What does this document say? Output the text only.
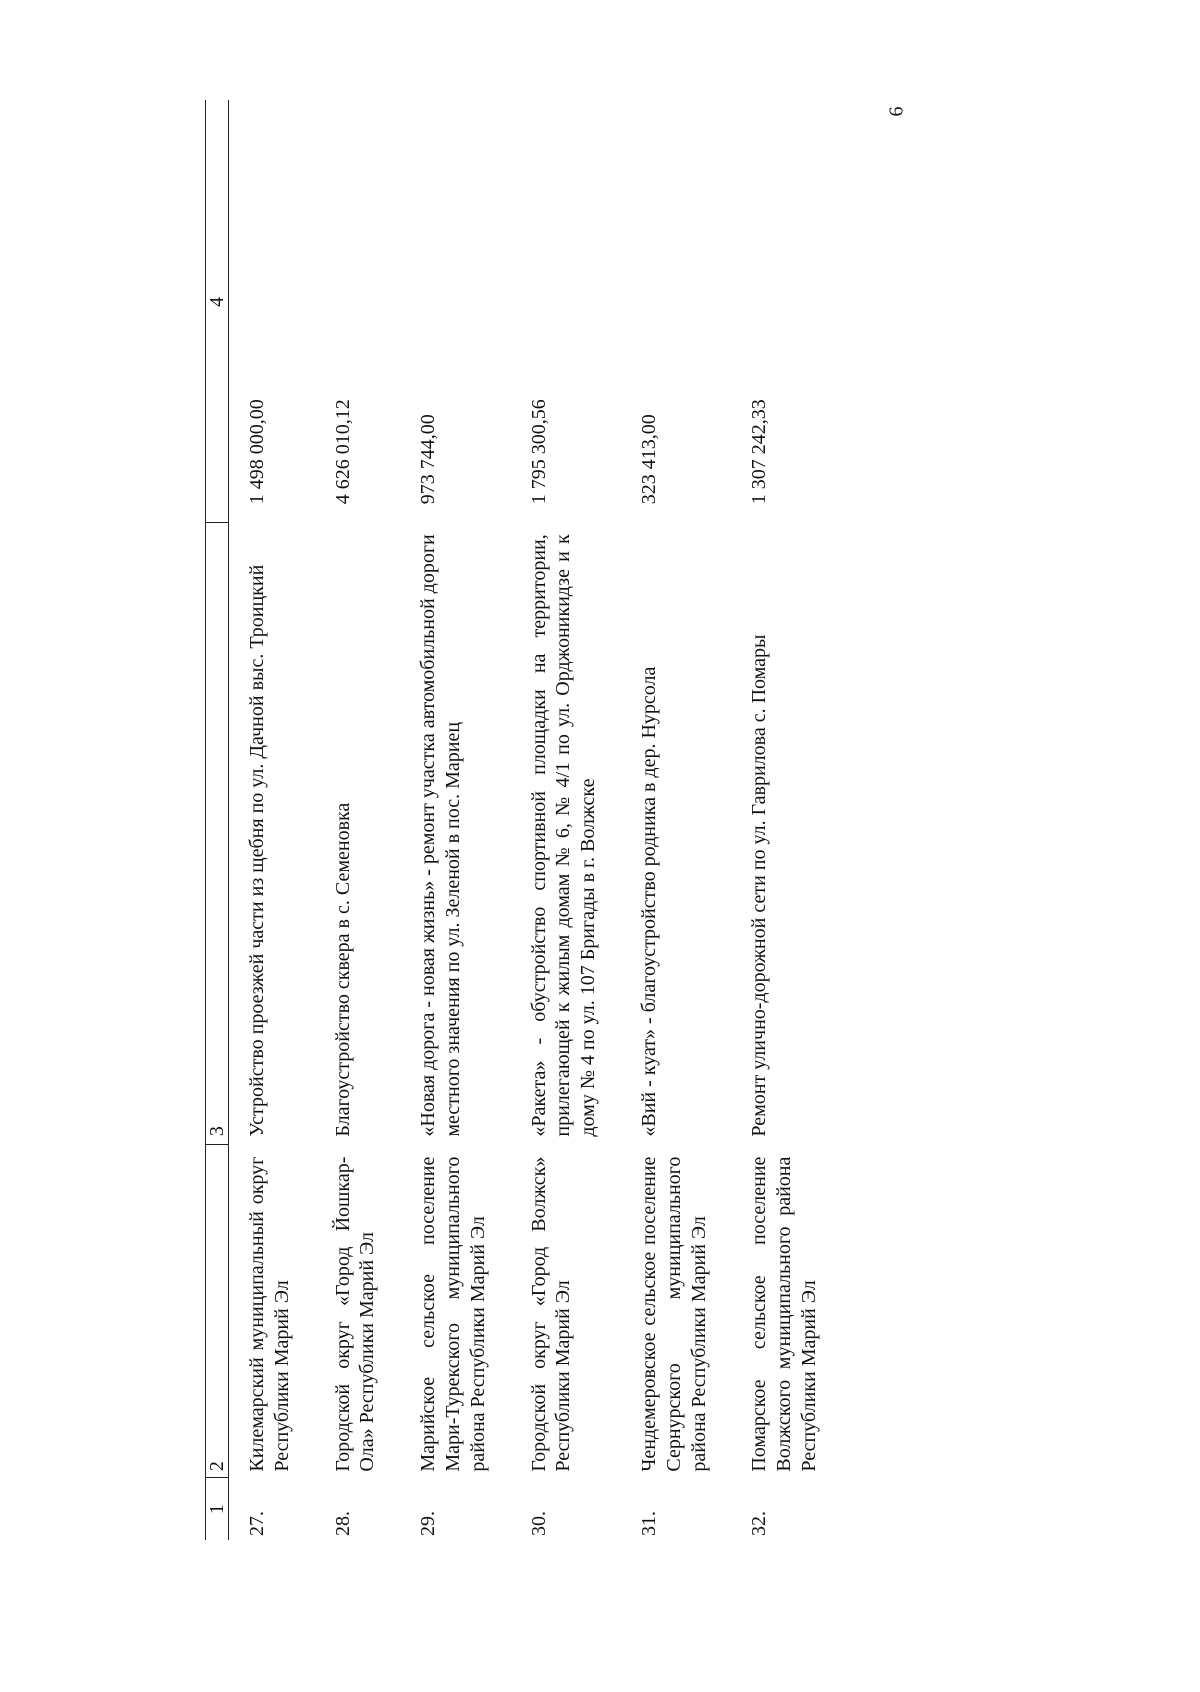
6
1	2	3	4
27.	Килемарский муниципальный округ Республики Марий Эл	Устройство проезжей части из щебня по ул. Дачной выс. Троицкий	1 498 000,00
28.	Городской округ «Город Йошкар-Ола» Республики Марий Эл	Благоустройство сквера в с. Семеновка	4 626 010,12
29.	Марийское сельское поселение Мари-Турекского муниципального района Республики Марий Эл	«Новая дорога - новая жизнь» - ремонт участка автомобильной дороги местного значения по ул. Зеленой в пос. Мариец	973 744,00
30.	Городской округ «Город Волжск» Республики Марий Эл	«Ракета» - обустройство спортивной площадки на территории, прилегающей к жилым домам № 6, № 4/1 по ул. Орджоникидзе и к дому № 4 по ул. 107 Бригады в г. Волжске	1 795 300,56
31.	Чендемеровское сельское поселение Сернурского муниципального района Республики Марий Эл	«Вий - куат» - благоустройство родника в дер. Нурсола	323 413,00
32.	Помарское сельское поселение Волжского муниципального района Республики Марий Эл	Ремонт улично-дорожной сети по ул. Гаврилова с. Помары	1 307 242,33
